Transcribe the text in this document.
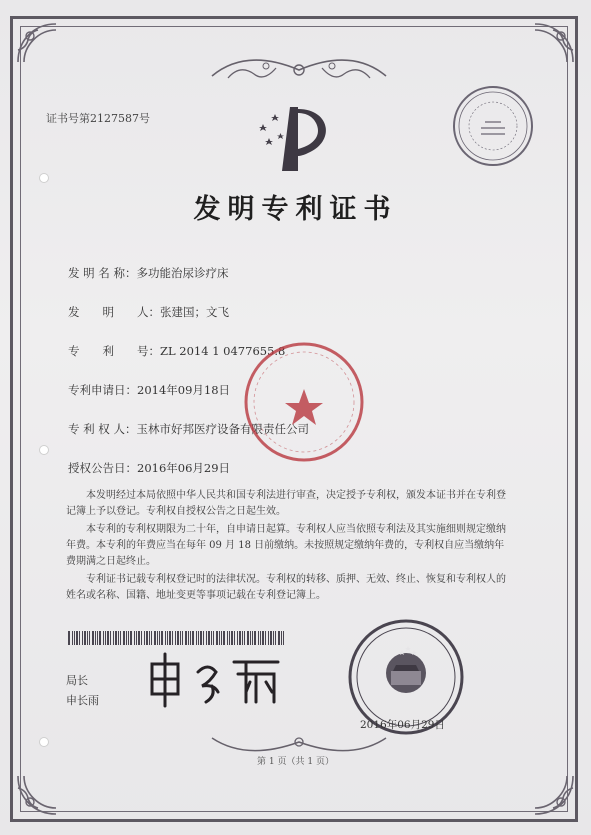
证书号第2127587号
发明专利证书
发 明 名 称：多功能治尿诊疗床
发　　明　　人：张建国；文飞
专　　利　　号：ZL 2014 1 0477655.8
专利申请日：2014年09月18日
专 利 权 人：玉林市好邦医疗设备有限责任公司
授权公告日：2016年06月29日
本发明经过本局依照中华人民共和国专利法进行审查，决定授予专利权，颁发本证书并在专利登记簿上予以登记。专利权自授权公告之日起生效。
本专利的专利权期限为二十年，自申请日起算。专利权人应当依照专利法及其实施细则规定缴纳年费。本专利的年费应当在每年 09 月 18 日前缴纳。未按照规定缴纳年费的，专利权自应当缴纳年费期满之日起终止。
专利证书记载专利权登记时的法律状况。专利权的转移、质押、无效、终止、恢复和专利权人的姓名或名称、国籍、地址变更等事项记载在专利登记簿上。
局长
申长雨
2016年06月29日
第 1 页（共 1 页）
